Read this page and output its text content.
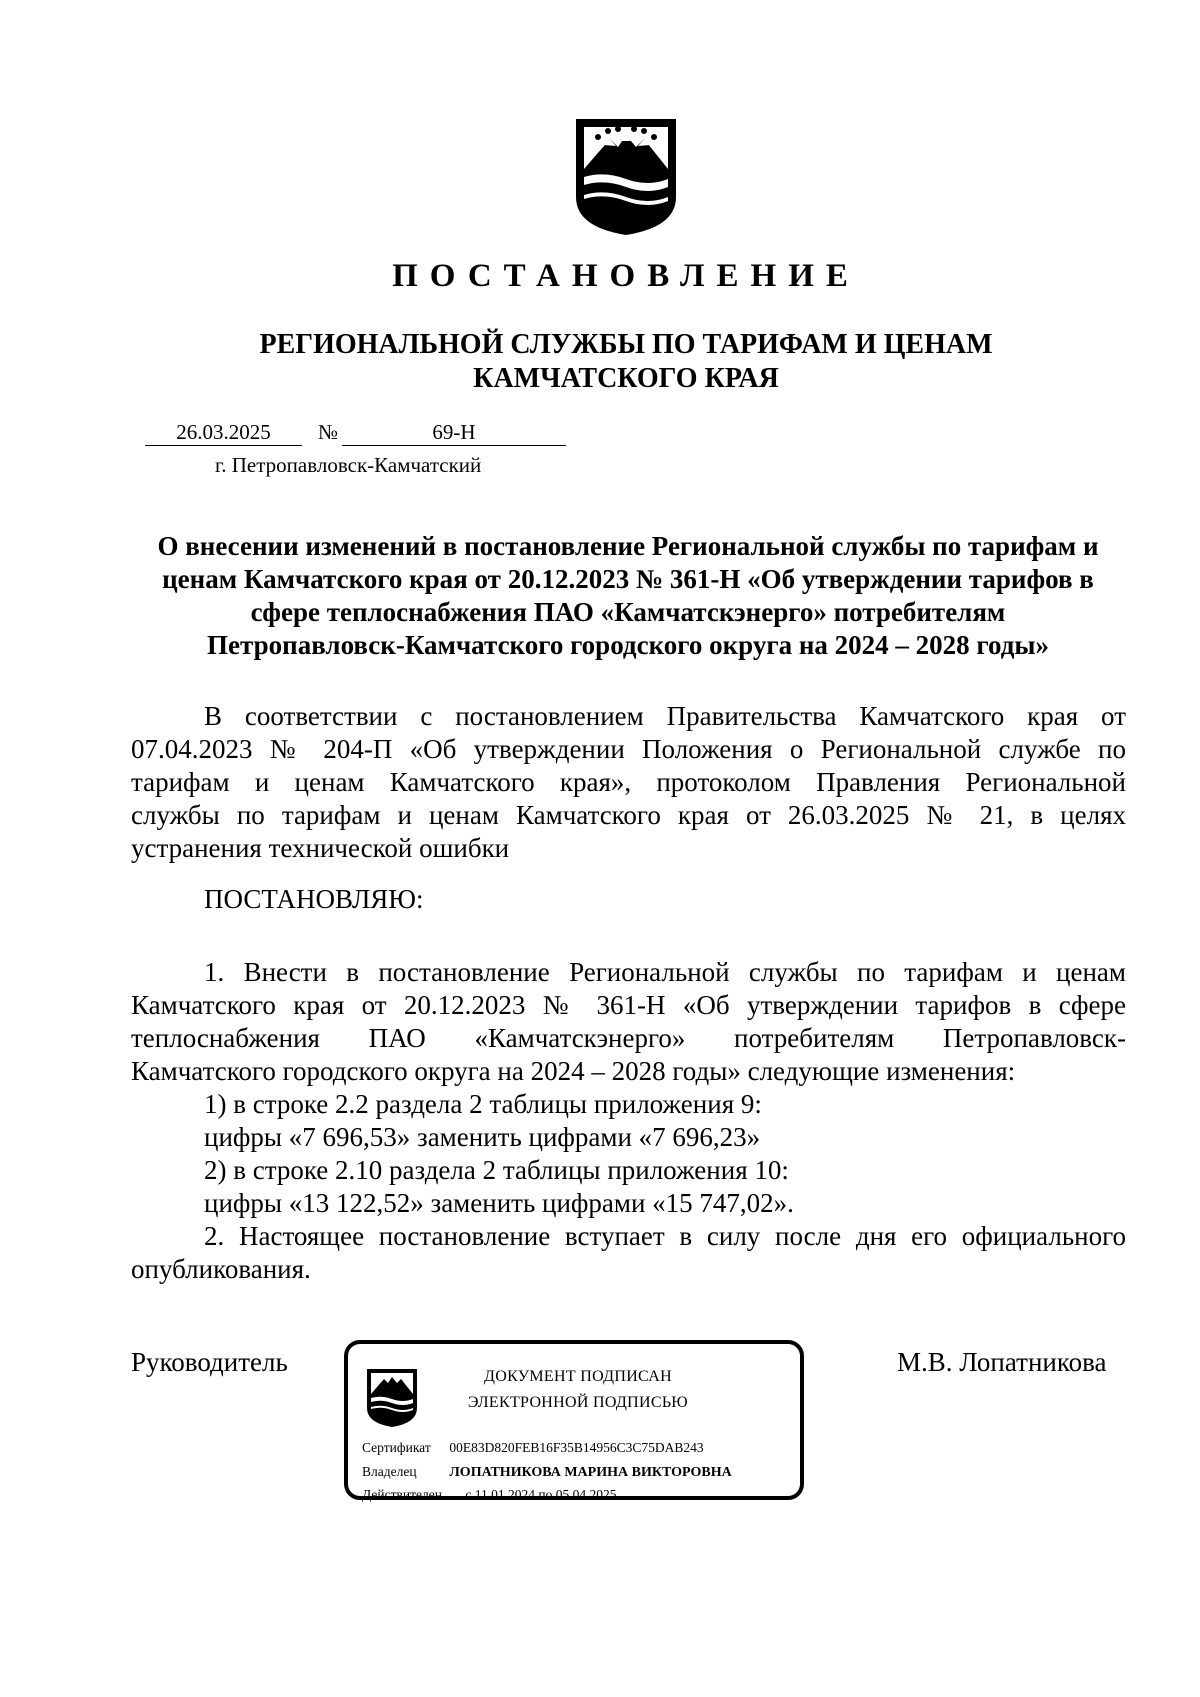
ПОСТАНОВЛЕНИЕ
РЕГИОНАЛЬНОЙ СЛУЖБЫ ПО ТАРИФАМ И ЦЕНАМ
КАМЧАТСКОГО КРАЯ
26.03.2025	№	69-Н
г. Петропавловск-Камчатский
О внесении изменений в постановление Региональной службы по тарифам и
ценам Камчатского края от 20.12.2023 № 361-Н «Об утверждении тарифов в
сфере теплоснабжения ПАО «Камчатскэнерго» потребителям
Петропавловск-Камчатского городского округа на 2024 – 2028 годы»
В соответствии с постановлением Правительства Камчатского края от
07.04.2023 № 204-П «Об утверждении Положения о Региональной службе по
тарифам и ценам Камчатского края», протоколом Правления Региональной
службы по тарифам и ценам Камчатского края от 26.03.2025 № 21, в целях
устранения технической ошибки
ПОСТАНОВЛЯЮ:
1. Внести в постановление Региональной службы по тарифам и ценам
Камчатского края от 20.12.2023 № 361-Н «Об утверждении тарифов в сфере
теплоснабжения ПАО «Камчатскэнерго» потребителям Петропавловск-
Камчатского городского округа на 2024 – 2028 годы» следующие изменения:
1) в строке 2.2 раздела 2 таблицы приложения 9:
цифры «7 696,53» заменить цифрами «7 696,23»
2) в строке 2.10 раздела 2 таблицы приложения 10:
цифры «13 122,52» заменить цифрами «15 747,02».
2. Настоящее постановление вступает в силу после дня его официального
опубликования.
Руководитель	М.В. Лопатникова
ДОКУМЕНТ ПОДПИСАН
ЭЛЕКТРОННОЙ ПОДПИСЬЮ
Сертификат 00E83D820FEB16F35B14956C3C75DAB243
Владелец ЛОПАТНИКОВА МАРИНА ВИКТОРОВНА
Действителен с 11.01.2024 по 05.04.2025
